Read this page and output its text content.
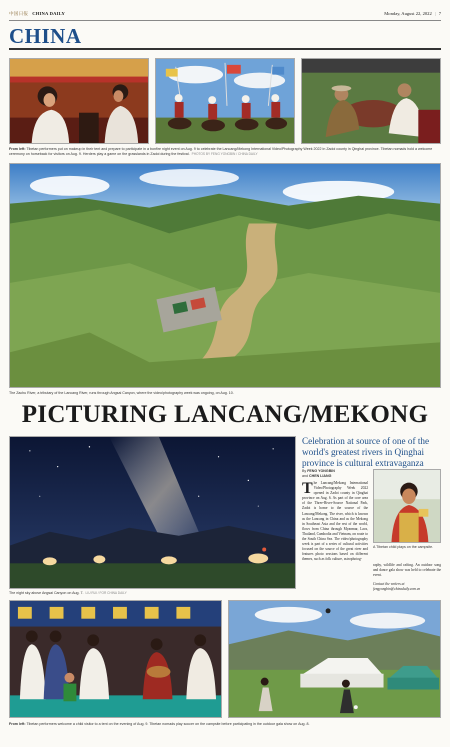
中国日报 CHINA DAILY	Monday, August 22, 2022 | 7
CHINA
From left: Tibetan performers put on makeup in their tent and prepare to participate in a bonfire night event on Aug. 9 to celebrate the Lancang/Mekong International Video/Photography Week 2022 in Zadoi county in Qinghai province. Tibetan nomads hold a welcome ceremony on horseback for visitors on Aug. 9. Herders play a game on the grasslands in Zadoi during the festival. PHOTOS BY FENG YONGBIN / CHINA DAILY
The Zachu River, a tributary of the Lancang River, runs through Angsai Canyon, where the video/photography week was ongoing, on Aug. 10.
PICTURING LANCANG/MEKONG
The night sky above Angsai Canyon on Aug. 7. LIU RUI / FOR CHINA DAILY
Celebration at source of one of the world's greatest rivers in Qinghai province is cultural extravaganza
By FENG YONGBIN
and CHEN LIANG
The Lancang/Mekong International Video/Photography Week 2022 opened in Zadoi county in Qinghai province on Aug. 6. As part of the core area of the Three-River-Source National Park, Zadoi is home to the source of the Lancang/Mekong. The river, which is known as the Lancang in China and as the Mekong in Southeast Asia and the rest of the world, flows from China through Myanmar, Laos, Thailand, Cambodia and Vietnam, on route to the South China Sea. The video/photography week is part of a series of cultural activities focused on the source of the great river and features photo sessions based on different themes, such as folk culture, astrophotog-
A Tibetan child plays on the campsite.
raphy, wildlife and rafting. An outdoor song and dance gala show was held to celebrate the event.
Contact the writers at
fengyongbin@chinadaily.com.cn
From left: Tibetan performers welcome a child visitor to a tent on the evening of Aug. 9. Tibetan nomads play soccer on the campsite before participating in the outdoor gala show on Aug. 8.
